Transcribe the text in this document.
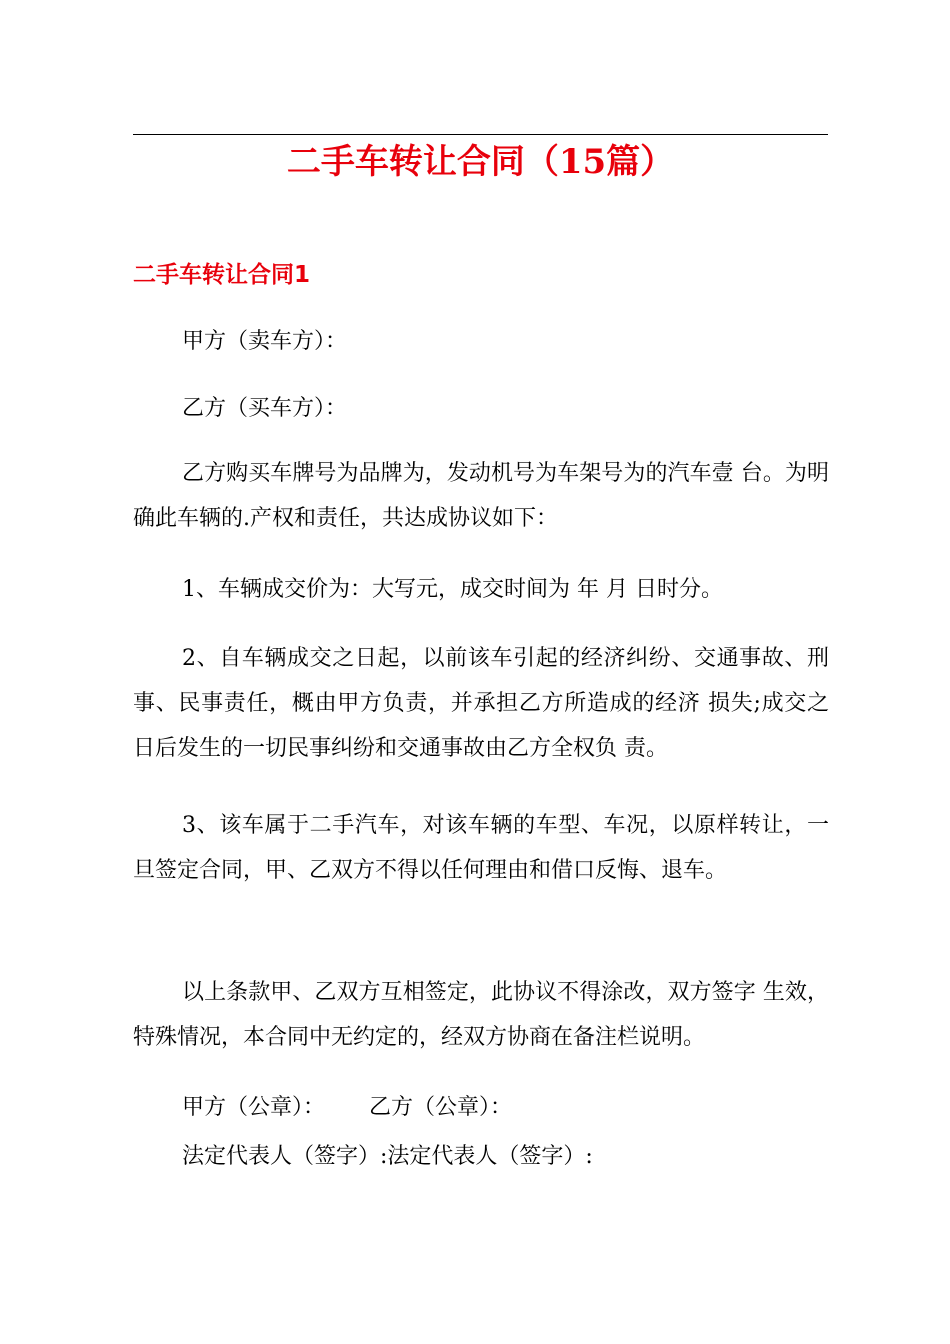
二手车转让合同（15篇）
二手车转让合同1
甲方（卖车方）：
乙方（买车方）：

乙方购买车牌号为品牌为，发动机号为车架号为的汽车壹 台。为明确此车辆的.产权和责任，共达成协议如下：

1、车辆成交价为：大写元，成交时间为 年 月 日时分。

2、自车辆成交之日起，以前该车引起的经济纠纷、交通事故、刑事、民事责任，概由甲方负责，并承担乙方所造成的经济 损失;成交之日后发生的一切民事纠纷和交通事故由乙方全权负 责。

3、该车属于二手汽车，对该车辆的车型、车况，以原样转让，一旦签定合同，甲、乙双方不得以任何理由和借口反悔、退车。

以上条款甲、乙双方互相签定，此协议不得涂改，双方签字 生效，特殊情况，本合同中无约定的，经双方协商在备注栏说明。

甲方（公章）： 乙方（公章）：
法定代表人（签字）:法定代表人（签字）:
